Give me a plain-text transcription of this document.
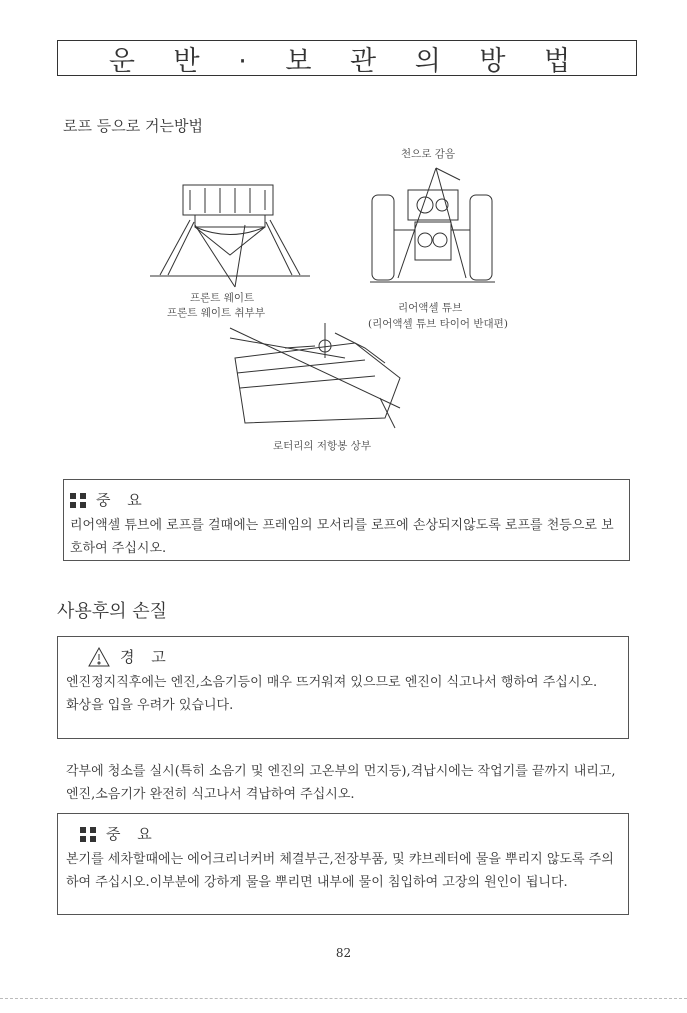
운 반 · 보 관 의 방 법
로프 등으로 거는방법
프론트 웨이트
프론트 웨이트 취부부
천으로 감음
리어액셀 튜브
(리어액셀 튜브 타이어 반대편)
로터리의 저항봉 상부
중 요

리어액셀 튜브에 로프를 걸때에는 프레임의 모서리를 로프에 손상되지않도록 로프를 천등으로 보호하여 주십시오.

사용후의 손질
경 고

엔진정지직후에는 엔진,소음기등이 매우 뜨거워져 있으므로 엔진이 식고나서 행하여 주십시오.

화상을 입을 우려가 있습니다.

각부에 청소를 실시(특히 소음기 및 엔진의 고온부의 먼지등),격납시에는 작업기를 끝까지 내리고,엔진,소음기가 완전히 식고나서 격납하여 주십시오.
중 요

본기를 세차할때에는 에어크리너커버 체결부근,전장부품, 및 캬브레터에 물을 뿌리지 않도록 주의하여 주십시오.이부분에 강하게 물을 뿌리면 내부에 물이 침입하여 고장의 원인이 됩니다.

82
